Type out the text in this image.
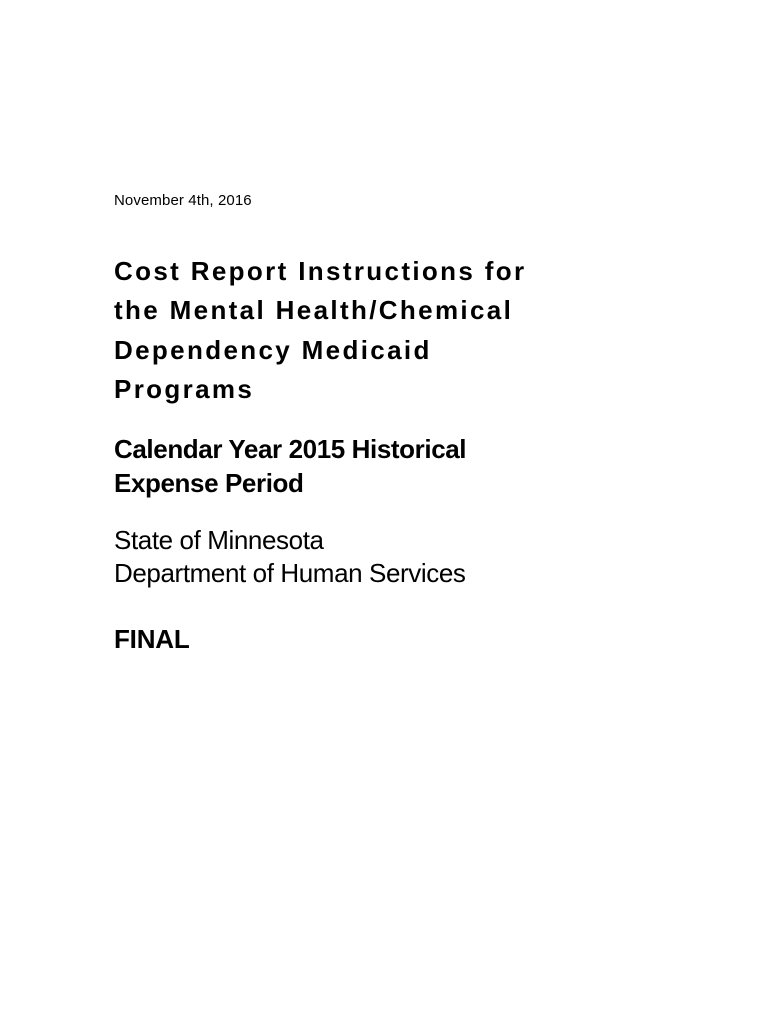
November 4th, 2016
Cost Report Instructions for
the Mental Health/Chemical
Dependency Medicaid
Programs
Calendar Year 2015 Historical
Expense Period
State of Minnesota
Department of Human Services
FINAL
